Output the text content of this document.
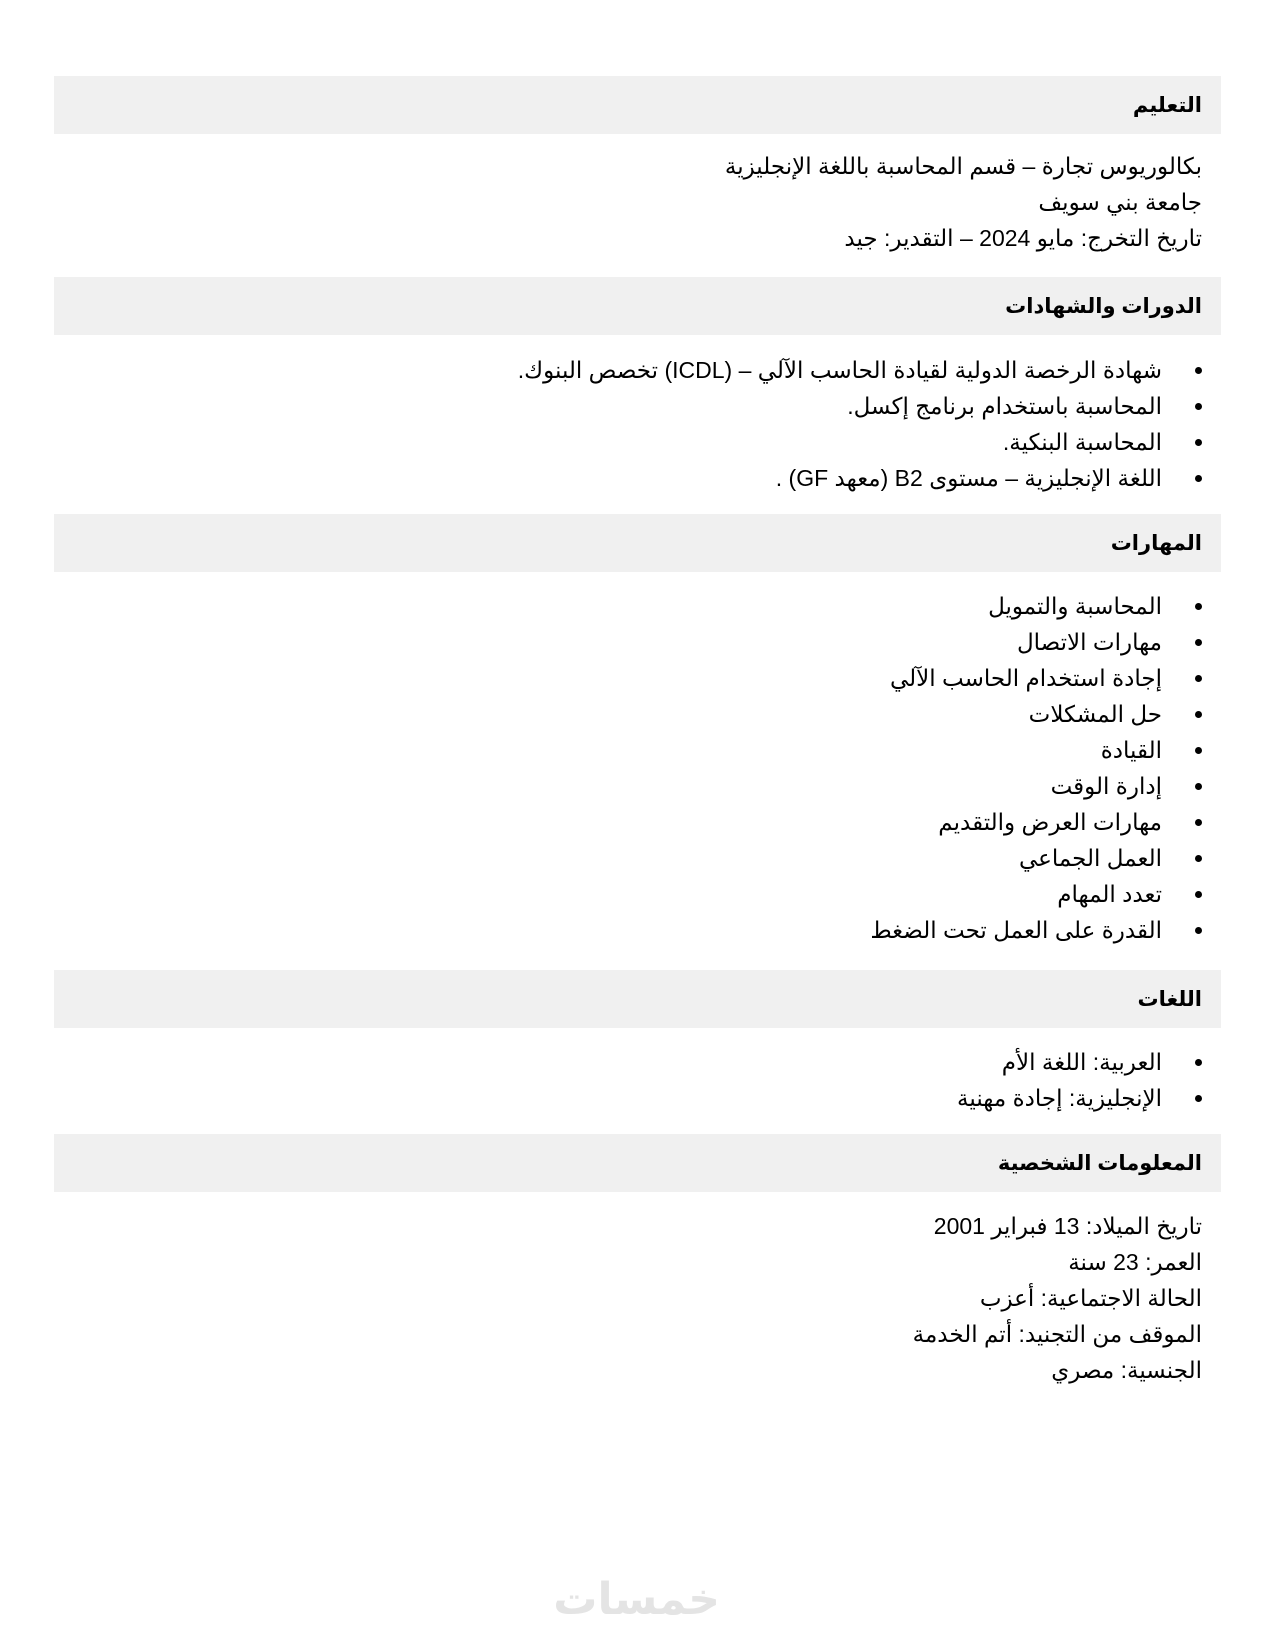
التعليم

بكالوريوس تجارة – قسم المحاسبة باللغة الإنجليزية

جامعة بني سويف

تاريخ التخرج: مايو 2024 – التقدير: جيد

الدورات والشهادات
شهادة الرخصة الدولية لقيادة الحاسب الآلي – (ICDL) تخصص البنوك.
المحاسبة باستخدام برنامج إكسل.
المحاسبة البنكية.
اللغة الإنجليزية – مستوى B2 (معهد GF) .
المهارات
المحاسبة والتمويل
مهارات الاتصال
إجادة استخدام الحاسب الآلي
حل المشكلات
القيادة
إدارة الوقت
مهارات العرض والتقديم
العمل الجماعي
تعدد المهام
القدرة على العمل تحت الضغط
اللغات
العربية: اللغة الأم
الإنجليزية: إجادة مهنية
المعلومات الشخصية

تاريخ الميلاد: 13 فبراير 2001

العمر: 23 سنة

الحالة الاجتماعية: أعزب

الموقف من التجنيد: أتم الخدمة

الجنسية: مصري

خمسات
